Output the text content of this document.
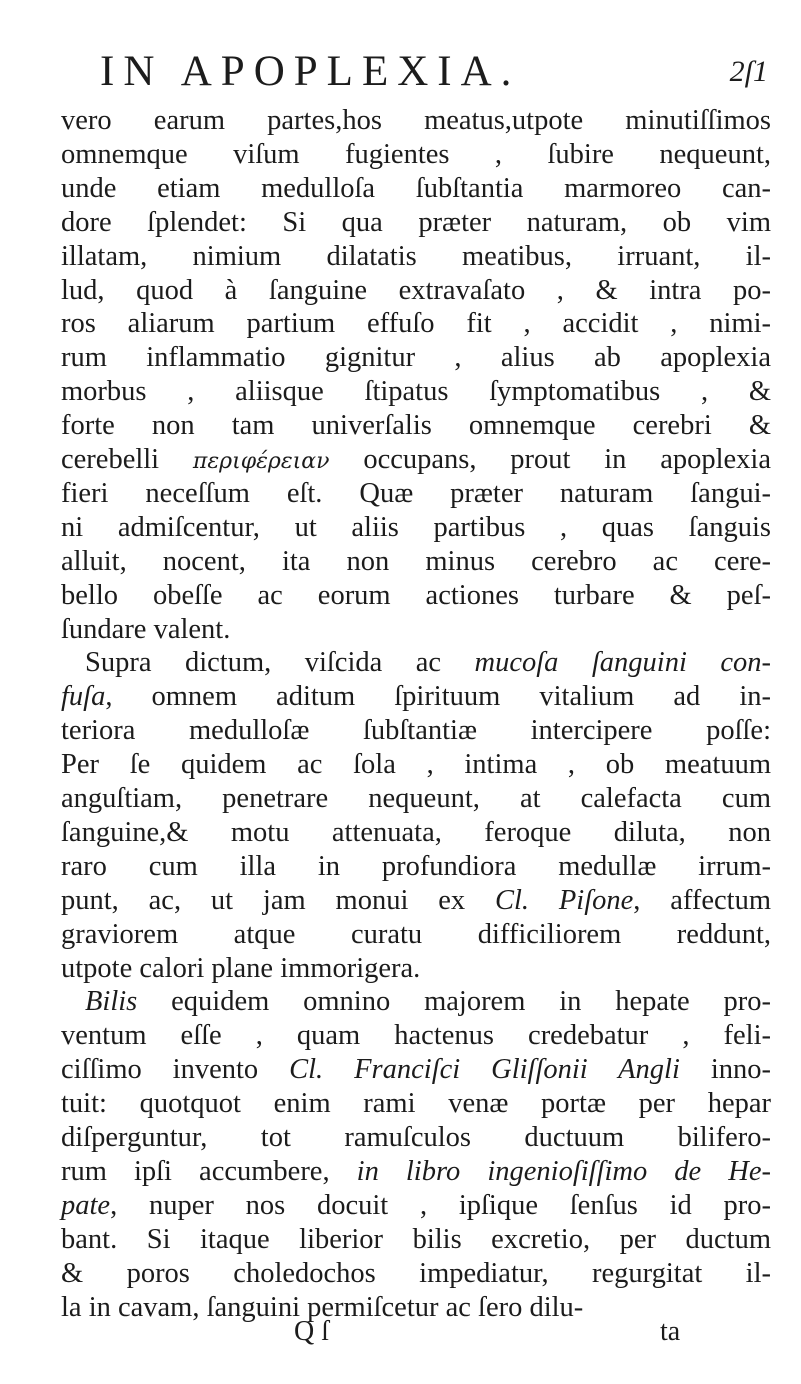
IN APOPLEXIA.	2ſ1
vero earum partes,hos meatus,utpote minutiſſimos
omnemque viſum fugientes , ſubire nequeunt,
unde etiam medulloſa ſubſtantia marmoreo can-
dore ſplendet: Si qua præter naturam, ob vim
illatam, nimium dilatatis meatibus, irruant, il-
lud, quod à ſanguine extravaſato , & intra po-
ros aliarum partium effuſo fit , accidit , nimi-
rum inflammatio gignitur , alius ab apoplexia
morbus , aliisque ſtipatus ſymptomatibus , &
forte non tam univerſalis omnemque cerebri &
cerebelli περιφέρειαν occupans, prout in apoplexia
fieri neceſſum eſt. Quæ præter naturam ſangui-
ni admiſcentur, ut aliis partibus , quas ſanguis
alluit, nocent, ita non minus cerebro ac cere-
bello obeſſe ac eorum actiones turbare & peſ-
ſundare valent.
Supra dictum, viſcida ac mucoſa ſanguini con-
fuſa, omnem aditum ſpirituum vitalium ad in-
teriora medulloſæ ſubſtantiæ intercipere poſſe:
Per ſe quidem ac ſola , intima , ob meatuum
anguſtiam, penetrare nequeunt, at calefacta cum
ſanguine,& motu attenuata, feroque diluta, non
raro cum illa in profundiora medullæ irrum-
punt, ac, ut jam monui ex Cl. Piſone, affectum
graviorem atque curatu difficiliorem reddunt,
utpote calori plane immorigera.
Bilis equidem omnino majorem in hepate pro-
ventum eſſe , quam hactenus credebatur , feli-
ciſſimo invento Cl. Franciſci Gliſſonii Angli inno-
tuit: quotquot enim rami venæ portæ per hepar
diſperguntur, tot ramuſculos ductuum bilifero-
rum ipſi accumbere, in libro ingenioſiſſimo de He-
pate, nuper nos docuit , ipſique ſenſus id pro-
bant. Si itaque liberior bilis excretio, per ductum
& poros choledochos impediatur, regurgitat il-
la in cavam, ſanguini permiſcetur ac ſero dilu-
Q ſ	ta
